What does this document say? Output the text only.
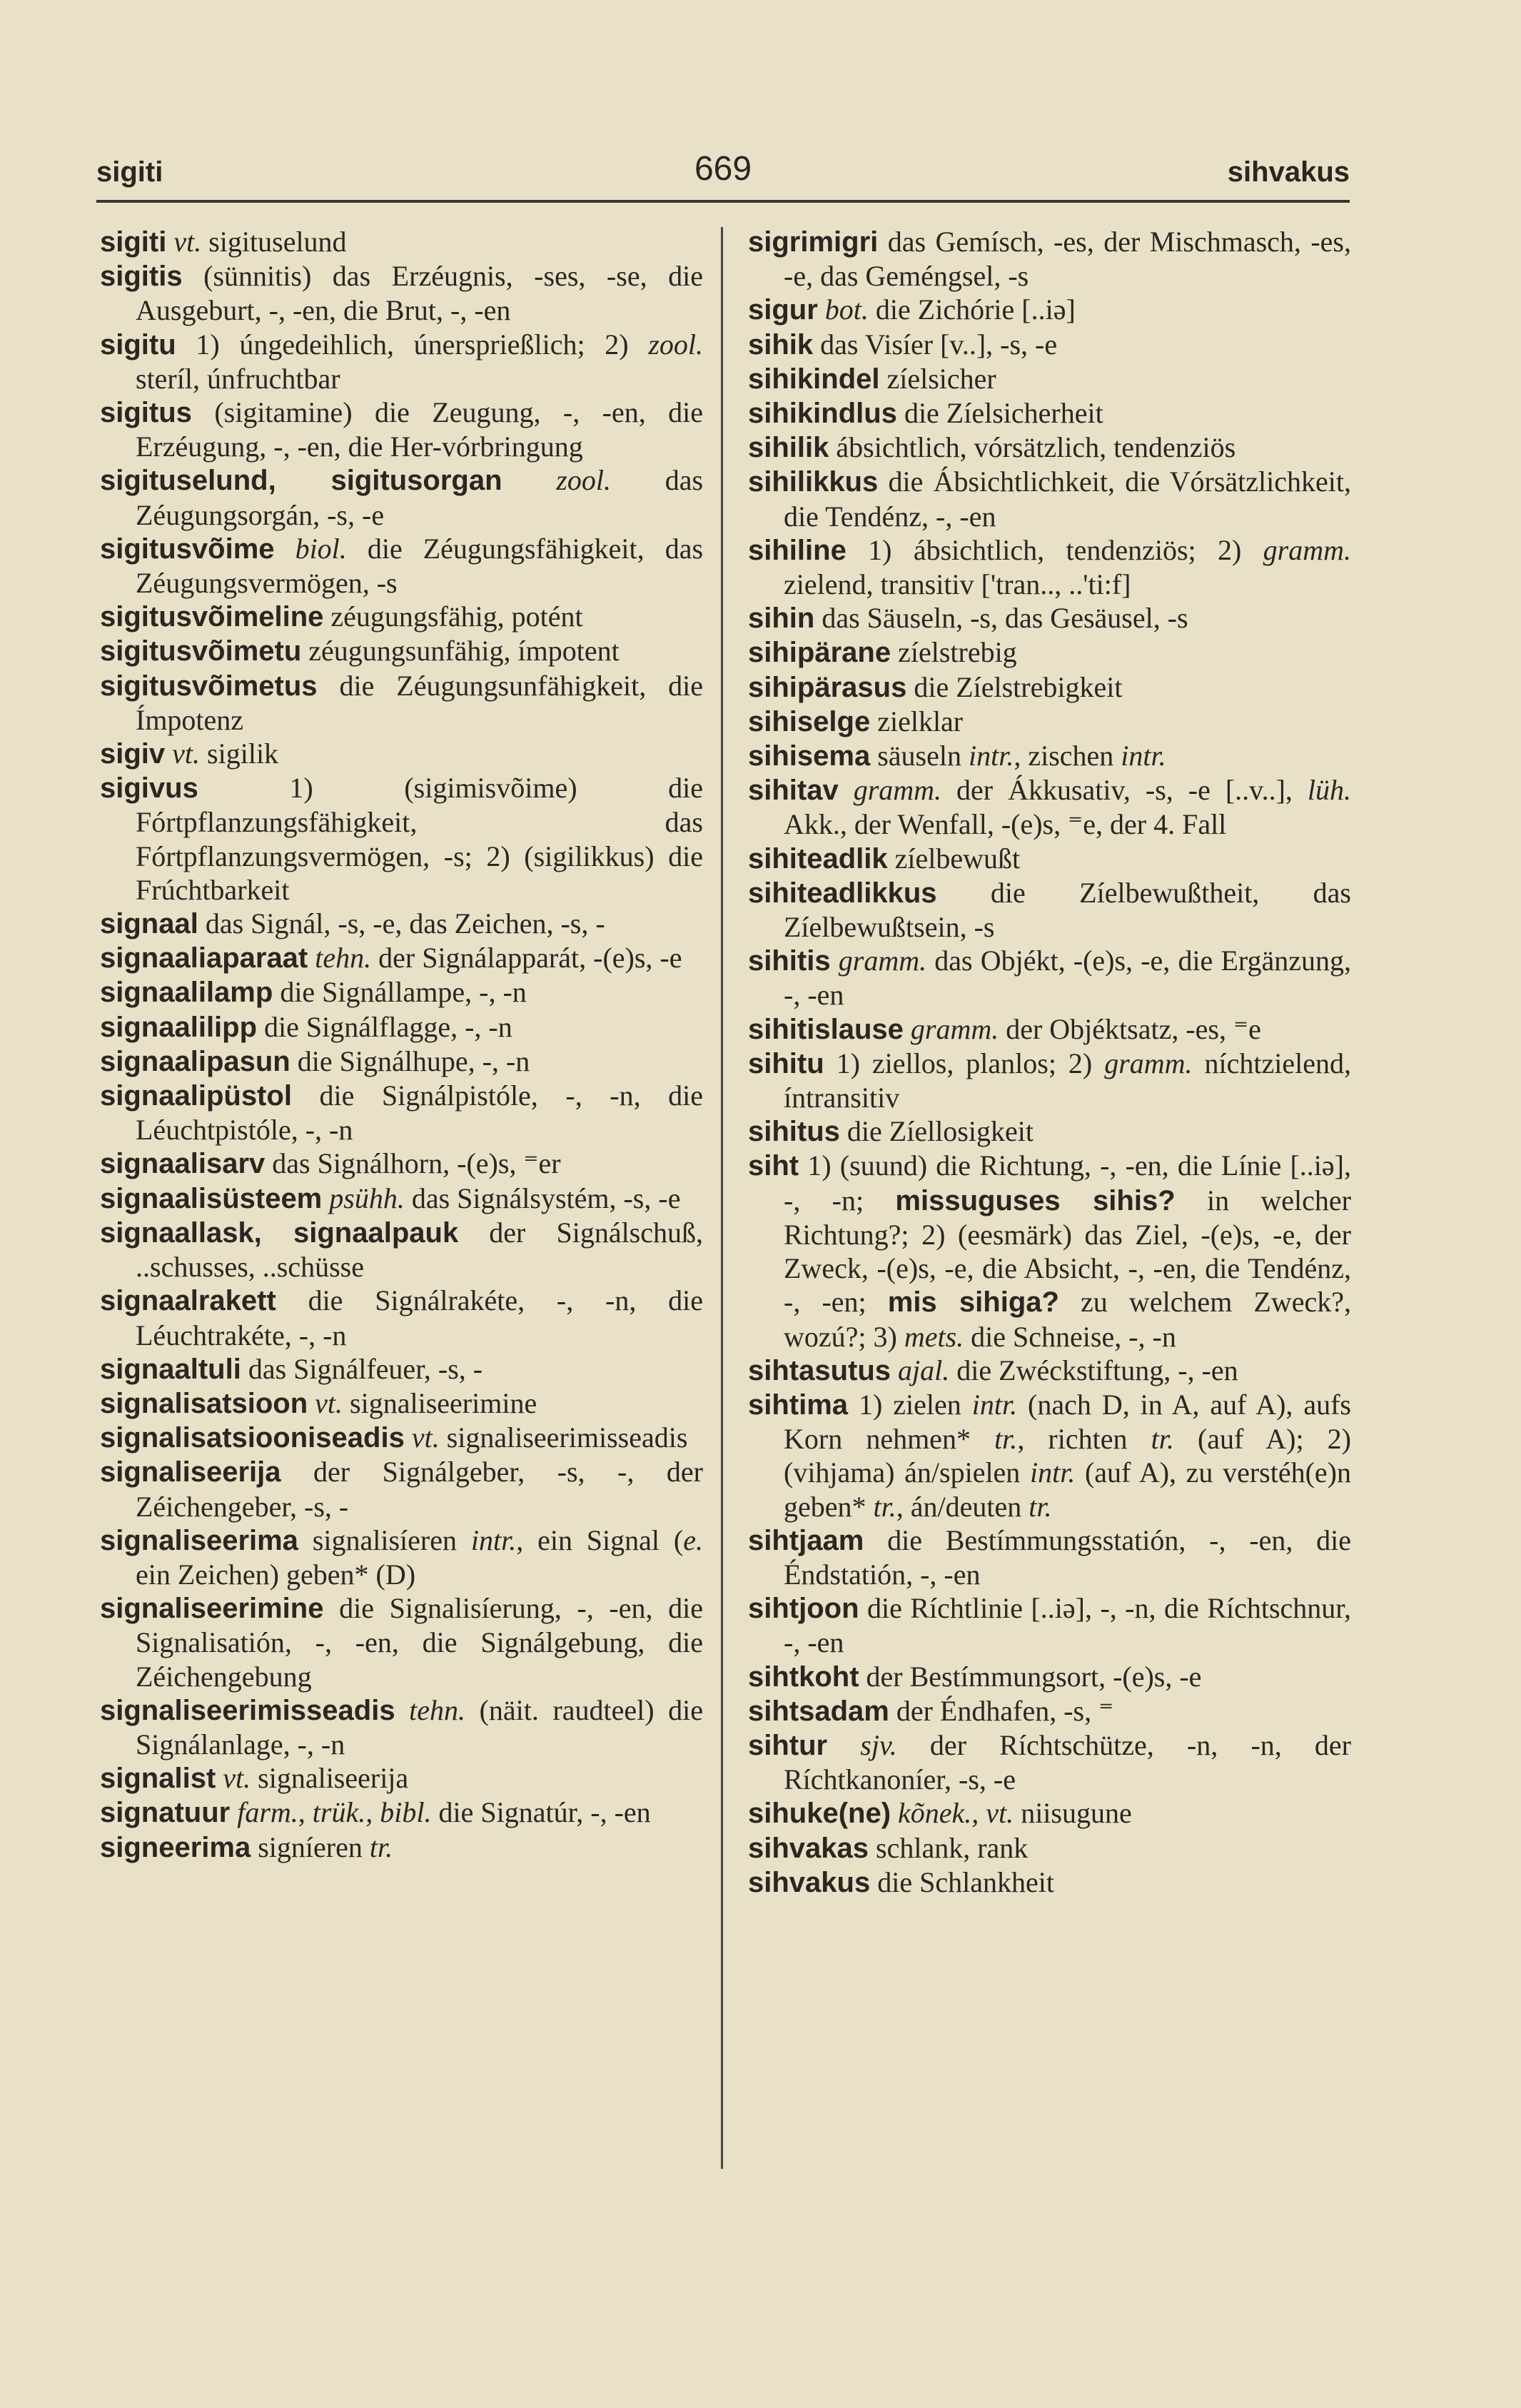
sigiti	669	sihvakus
sigiti vt. sigituselund
sigitis (sünnitis) das Erzéugnis, -ses, -se, die Ausgeburt, -, -en, die Brut, -, -en
sigitu 1) úngedeihlich, únersprießlich; 2) zool. steríl, únfruchtbar
sigitus (sigitamine) die Zeugung, -, -en, die Erzéugung, -, -en, die Her-vórbringung
sigituselund, sigitusorgan zool. das Zéugungsorgán, -s, -e
sigitusvõime biol. die Zéugungsfähigkeit, das Zéugungsvermögen, -s
sigitusvõimeline zéugungsfähig, potént
sigitusvõimetu zéugungsunfähig, ímpotent
sigitusvõimetus die Zéugungsunfähigkeit, die Ímpotenz
sigiv vt. sigilik
sigivus 1) (sigimisvõime) die Fórtpflanzungsfähigkeit, das Fórtpflanzungsvermögen, -s; 2) (sigilikkus) die Frúchtbarkeit
signaal das Signál, -s, -e, das Zeichen, -s, -
signaaliaparaat tehn. der Signálapparát, -(e)s, -e
signaalilamp die Signállampe, -, -n
signaalilipp die Signálflagge, -, -n
signaalipasun die Signálhupe, -, -n
signaalipüstol die Signálpistóle, -, -n, die Léuchtpistóle, -, -n
signaalisarv das Signálhorn, -(e)s, ⁼er
signaalisüsteem psühh. das Signálsystém, -s, -e
signaallask, signaalpauk der Signálschuß, ..schusses, ..schüsse
signaalrakett die Signálrakéte, -, -n, die Léuchtrakéte, -, -n
signaaltuli das Signálfeuer, -s, -
signalisatsioon vt. signaliseerimine
signalisatsiooniseadis vt. signaliseerimisseadis
signaliseerija der Signálgeber, -s, -, der Zéichengeber, -s, -
signaliseerima signalisíeren intr., ein Signal (e. ein Zeichen) geben* (D)
signaliseerimine die Signalisíerung, -, -en, die Signalisatión, -, -en, die Signálgebung, die Zéichengebung
signaliseerimisseadis tehn. (näit. raudteel) die Signálanlage, -, -n
signalist vt. signaliseerija
signatuur farm., trük., bibl. die Signatúr, -, -en
signeerima signíeren tr.
sigrimigri das Gemísch, -es, der Mischmasch, -es, -e, das Geméngsel, -s
sigur bot. die Zichórie [..iə]
sihik das Visíer [v..], -s, -e
sihikindel zíelsicher
sihikindlus die Zíelsicherheit
sihilik ábsichtlich, vórsätzlich, tendenziös
sihilikkus die Ábsichtlichkeit, die Vórsätzlichkeit, die Tendénz, -, -en
sihiline 1) ábsichtlich, tendenziös; 2) gramm. zielend, transitiv ['tran.., ..'ti:f]
sihin das Säuseln, -s, das Gesäusel, -s
sihipärane zíelstrebig
sihipärasus die Zíelstrebigkeit
sihiselge zielklar
sihisema säuseln intr., zischen intr.
sihitav gramm. der Ákkusativ, -s, -e [..v..], lüh. Akk., der Wenfall, -(e)s, ⁼e, der 4. Fall
sihiteadlik zíelbewußt
sihiteadlikkus die Zíelbewußtheit, das Zíelbewußtsein, -s
sihitis gramm. das Objékt, -(e)s, -e, die Ergänzung, -, -en
sihitislause gramm. der Objéktsatz, -es, ⁼e
sihitu 1) ziellos, planlos; 2) gramm. níchtzielend, íntransitiv
sihitus die Zíellosigkeit
siht 1) (suund) die Richtung, -, -en, die Línie [..iə], -, -n; missuguses sihis? in welcher Richtung?; 2) (eesmärk) das Ziel, -(e)s, -e, der Zweck, -(e)s, -e, die Absicht, -, -en, die Tendénz, -, -en; mis sihiga? zu welchem Zweck?, wozú?; 3) mets. die Schneise, -, -n
sihtasutus ajal. die Zwéckstiftung, -, -en
sihtima 1) zielen intr. (nach D, in A, auf A), aufs Korn nehmen* tr., richten tr. (auf A); 2) (vihjama) án/spielen intr. (auf A), zu verstéh(e)n geben* tr., án/deuten tr.
sihtjaam die Bestímmungsstatión, -, -en, die Éndstatión, -, -en
sihtjoon die Ríchtlinie [..iə], -, -n, die Ríchtschnur, -, -en
sihtkoht der Bestímmungsort, -(e)s, -e
sihtsadam der Éndhafen, -s, ⁼
sihtur sjv. der Ríchtschütze, -n, -n, der Ríchtkanoníer, -s, -e
sihuke(ne) kõnek., vt. niisugune
sihvakas schlank, rank
sihvakus die Schlankheit
